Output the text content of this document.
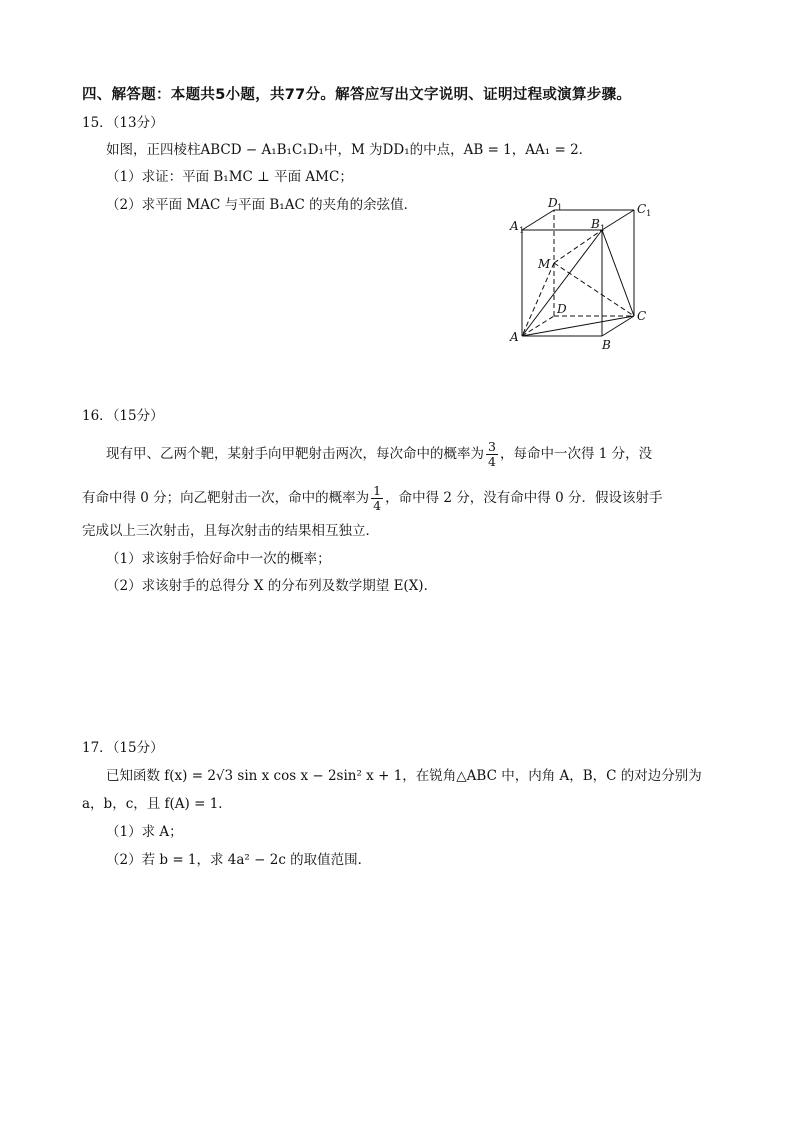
四、解答题：本题共5小题，共77分。解答应写出文字说明、证明过程或演算步骤。
15．（13分）
如图，正四棱柱ABCD − A₁B₁C₁D₁中，M 为DD₁的中点，AB = 1，AA₁ = 2．
（1）求证：平面 B₁MC ⊥ 平面 AMC；
（2）求平面 MAC 与平面 B₁AC 的夹角的余弦值．
A 1	B 1
C 1
D 1
M
D
A
B
C
16．（15分）
现有甲、乙两个靶，某射手向甲靶射击两次，每次命中的概率为 $\frac{3}{4}$ ，每命中一次得 1 分，没
有命中得 0 分；向乙靶射击一次，命中的概率为 $\frac{1}{4}$ ，命中得 2 分，没有命中得 0 分．假设该射手
完成以上三次射击，且每次射击的结果相互独立．
（1）求该射手恰好命中一次的概率；
（2）求该射手的总得分 X 的分布列及数学期望 E(X)．
17．（15分）
已知函数 f(x) = 2√3 sin x cos x − 2sin² x + 1，在锐角△ABC 中，内角 A，B，C 的对边分别为
a，b，c，且 f(A) = 1．
（1）求 A；
（2）若 b = 1，求 4a² − 2c 的取值范围．
